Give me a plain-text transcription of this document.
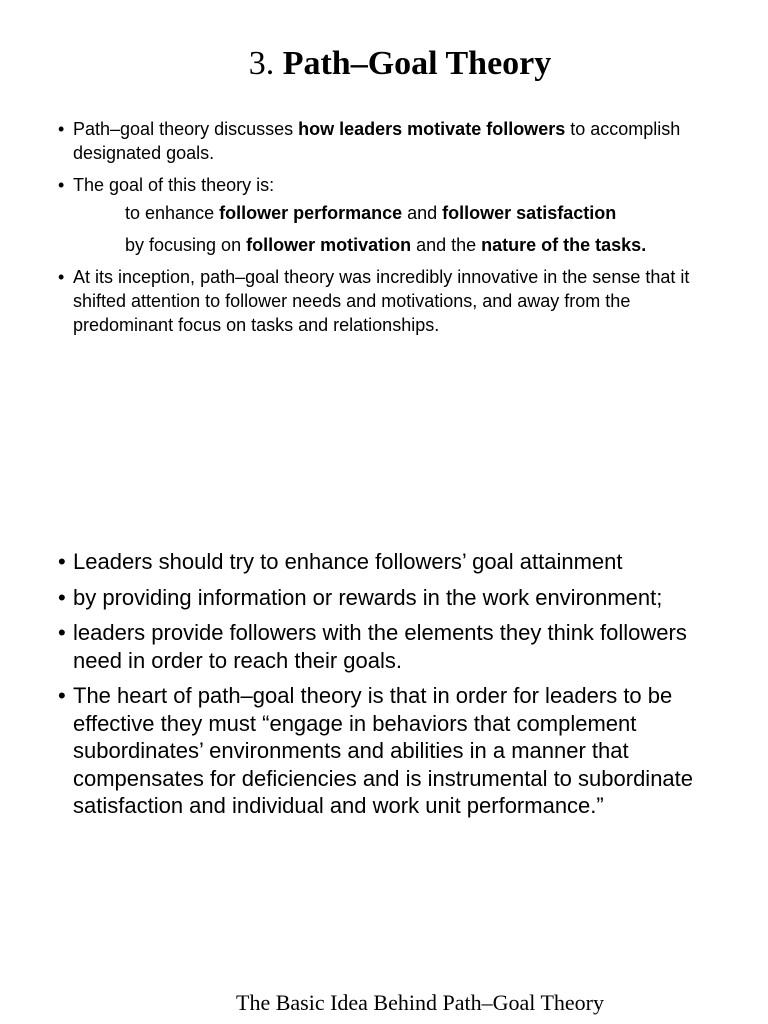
3. Path–Goal Theory
• Path–goal theory discusses how leaders motivate followers to accomplish designated goals.
• The goal of this theory is:
to enhance follower performance and follower satisfaction
by focusing on follower motivation and the nature of the tasks.
• At its inception, path–goal theory was incredibly innovative in the sense that it shifted attention to follower needs and motivations, and away from the predominant focus on tasks and relationships.
• Leaders should try to enhance followers’ goal attainment
• by providing information or rewards in the work environment;
• leaders provide followers with the elements they think followers need in order to reach their goals.
• The heart of path–goal theory is that in order for leaders to be effective they must “engage in behaviors that complement subordinates’ environments and abilities in a manner that compensates for deficiencies and is instrumental to subordinate satisfaction and individual and work unit performance.”
The Basic Idea Behind Path–Goal Theory
